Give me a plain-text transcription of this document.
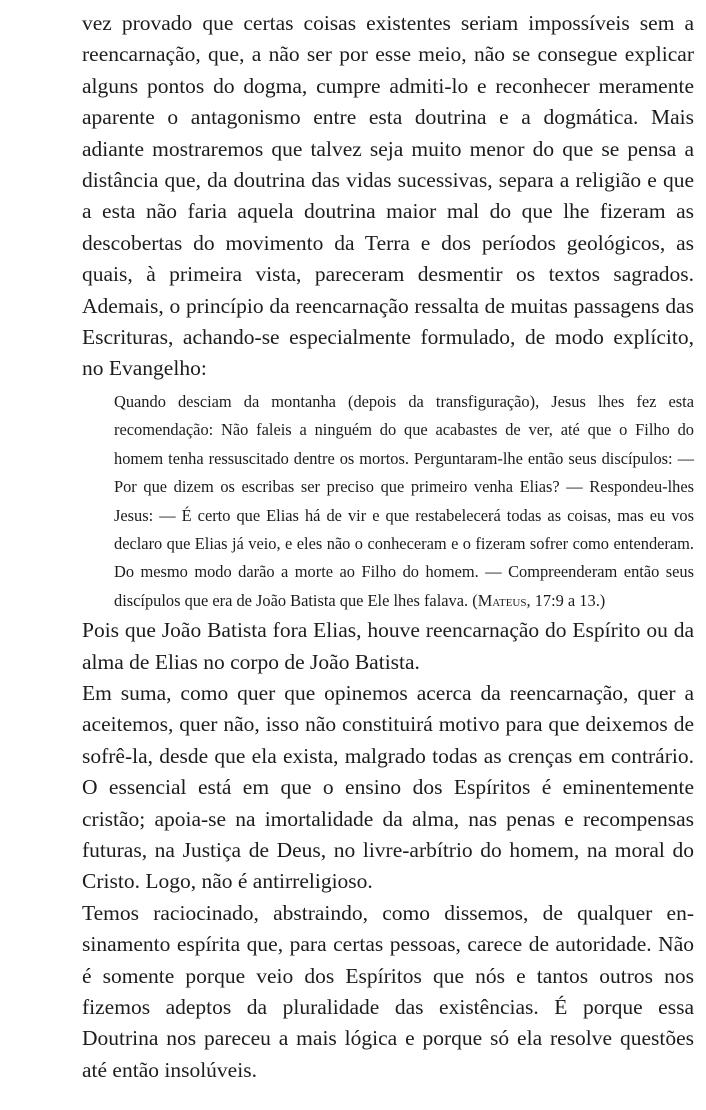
vez provado que certas coisas existentes seriam impossíveis sem a reencarnação, que, a não ser por esse meio, não se consegue explicar alguns pontos do dogma, cumpre admiti-lo e reconhecer meramente aparente o antagonismo entre esta doutrina e a dogmática. Mais adiante mostraremos que talvez seja muito menor do que se pensa a distância que, da doutrina das vidas sucessivas, separa a religião e que a esta não faria aquela doutrina maior mal do que lhe fizeram as descobertas do movimento da Terra e dos períodos geológicos, as quais, à primeira vista, pareceram desmentir os textos sagrados. Ademais, o princípio da reencarnação ressalta de muitas passagens das Escrituras, achando-se especialmente formulado, de modo explícito, no Evangelho:

Quando desciam da montanha (depois da transfiguração), Jesus lhes fez esta recomendação: Não faleis a ninguém do que acabastes de ver, até que o Filho do homem tenha ressuscitado dentre os mortos. Perguntaram-lhe então seus discípulos: — Por que dizem os escribas ser preciso que primeiro venha Elias? — Respondeu-lhes Jesus: — É certo que Elias há de vir e que restabelecerá todas as coisas, mas eu vos declaro que Elias já veio, e eles não o conheceram e o fizeram sofrer como entenderam. Do mesmo modo darão a morte ao Filho do homem. — Compreenderam então seus discípulos que era de João Batista que Ele lhes falava. (Mateus, 17:9 a 13.)

Pois que João Batista fora Elias, houve reencarnação do Espírito ou da alma de Elias no corpo de João Batista.

Em suma, como quer que opinemos acerca da reencarnação, quer a aceitemos, quer não, isso não constituirá motivo para que deixemos de sofrê-la, desde que ela exista, malgrado todas as crenças em contrário. O essencial está em que o ensino dos Espíritos é eminentemente cristão; apoia-se na imortalidade da alma, nas penas e recompensas futuras, na Justiça de Deus, no livre-arbítrio do homem, na moral do Cristo. Logo, não é antirreligioso.

Temos raciocinado, abstraindo, como dissemos, de qualquer ensinamento espírita que, para certas pessoas, carece de autoridade. Não é somente porque veio dos Espíritos que nós e tantos outros nos fizemos adeptos da pluralidade das existências. É porque essa Doutrina nos pareceu a mais lógica e porque só ela resolve questões até então insolúveis.
